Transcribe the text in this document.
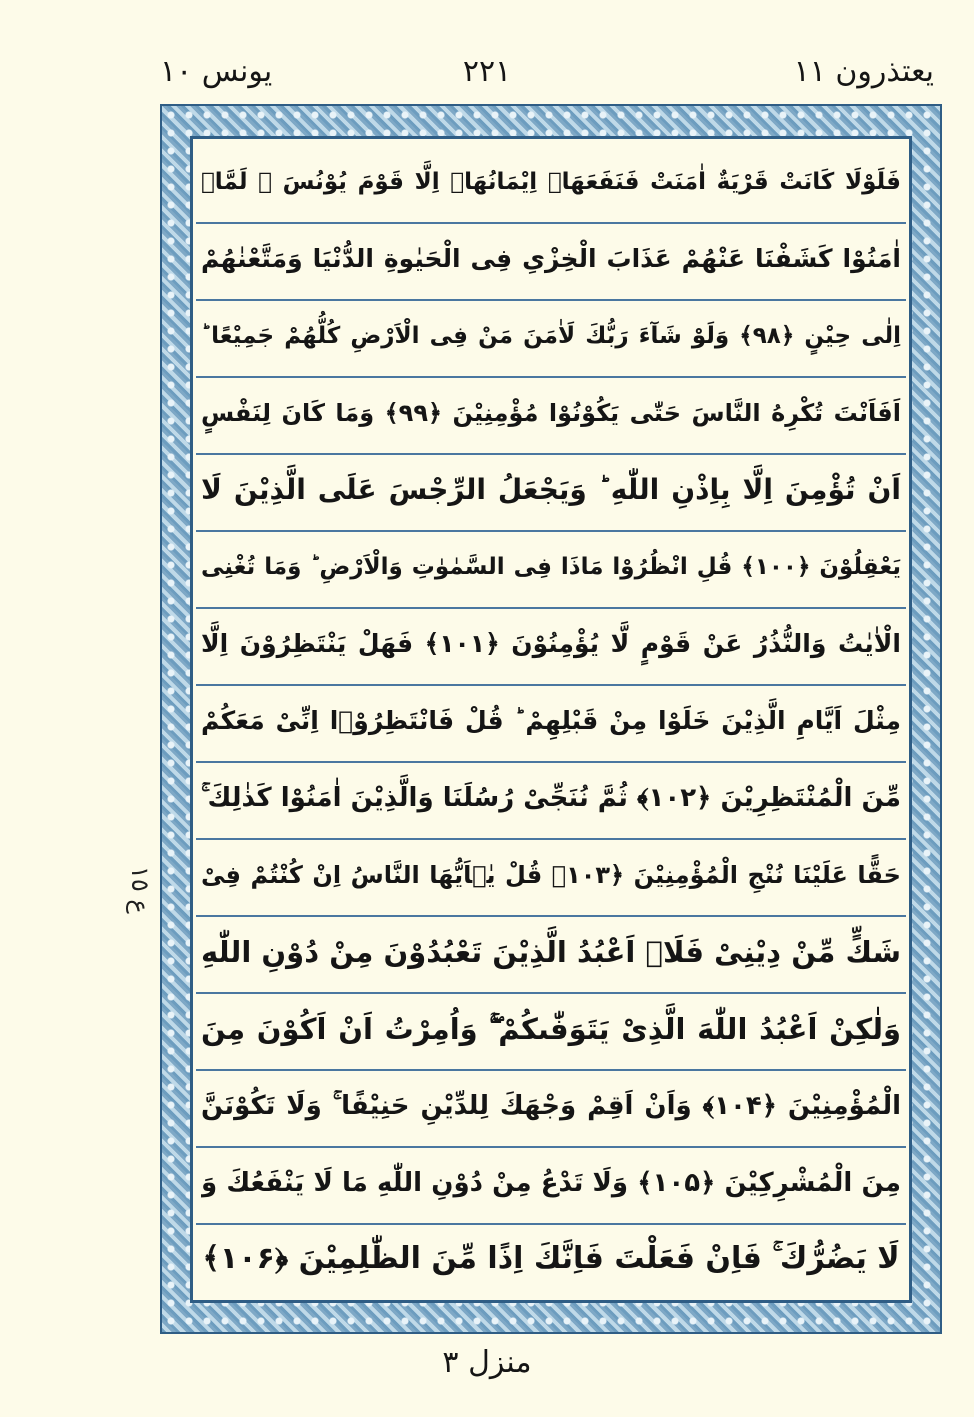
یونس ۱۰	۲۲۱	یعتذرون ۱۱
فَلَوْلَا كَانَتْ قَرْيَةٌ اٰمَنَتْ فَنَفَعَهَاۤ اِيْمَانُهَاۤ اِلَّا قَوْمَ يُوْنُسَ ۚ لَمَّاۤ
اٰمَنُوْا كَشَفْنَا عَنْهُمْ عَذَابَ الْخِزْىِ فِى الْحَيٰوةِ الدُّنْيَا وَمَتَّعْنٰهُمْ
اِلٰى حِيْنٍ ﴿۹۸﴾ وَلَوْ شَآءَ رَبُّكَ لَاٰمَنَ مَنْ فِى الْاَرْضِ كُلُّهُمْ جَمِيْعًا ؕ
اَفَاَنْتَ تُكْرِهُ النَّاسَ حَتّٰى يَكُوْنُوْا مُؤْمِنِيْنَ ﴿۹۹﴾ وَمَا كَانَ لِنَفْسٍ
اَنْ تُؤْمِنَ اِلَّا بِاِذْنِ اللّٰهِ ؕ وَيَجْعَلُ الرِّجْسَ عَلَى الَّذِيْنَ لَا
يَعْقِلُوْنَ ﴿۱۰۰﴾ قُلِ انْظُرُوْا مَاذَا فِى السَّمٰوٰتِ وَالْاَرْضِ ؕ وَمَا تُغْنِى
الْاٰيٰتُ وَالنُّذُرُ عَنْ قَوْمٍ لَّا يُؤْمِنُوْنَ ﴿۱۰۱﴾ فَهَلْ يَنْتَظِرُوْنَ اِلَّا
مِثْلَ اَيَّامِ الَّذِيْنَ خَلَوْا مِنْ قَبْلِهِمْ ؕ قُلْ فَانْتَظِرُوْۤا اِنِّىْ مَعَكُمْ
مِّنَ الْمُنْتَظِرِيْنَ ﴿۱۰۲﴾ ثُمَّ نُنَجِّىْ رُسُلَنَا وَالَّذِيْنَ اٰمَنُوْا كَذٰلِكَ ۚ
حَقًّا عَلَيْنَا نُنْجِ الْمُؤْمِنِيْنَ ﴿۱۰۳﴾ قُلْ يٰۤاَيُّهَا النَّاسُ اِنْ كُنْتُمْ فِىْ
شَكٍّ مِّنْ دِيْنِىْ فَلَاۤ اَعْبُدُ الَّذِيْنَ تَعْبُدُوْنَ مِنْ دُوْنِ اللّٰهِ
وَلٰكِنْ اَعْبُدُ اللّٰهَ الَّذِىْ يَتَوَفّٰٮكُمْ ۖۚ وَاُمِرْتُ اَنْ اَكُوْنَ مِنَ
الْمُؤْمِنِيْنَ ﴿۱۰۴﴾ وَاَنْ اَقِمْ وَجْهَكَ لِلدِّيْنِ حَنِيْفًا ۚ وَلَا تَكُوْنَنَّ
مِنَ الْمُشْرِكِيْنَ ﴿۱۰۵﴾ وَلَا تَدْعُ مِنْ دُوْنِ اللّٰهِ مَا لَا يَنْفَعُكَ وَ
لَا يَضُرُّكَ ۚ فَاِنْ فَعَلْتَ فَاِنَّكَ اِذًا مِّنَ الظّٰلِمِيْنَ ﴿۱۰۶﴾
ع ١٥
منزل ۳
